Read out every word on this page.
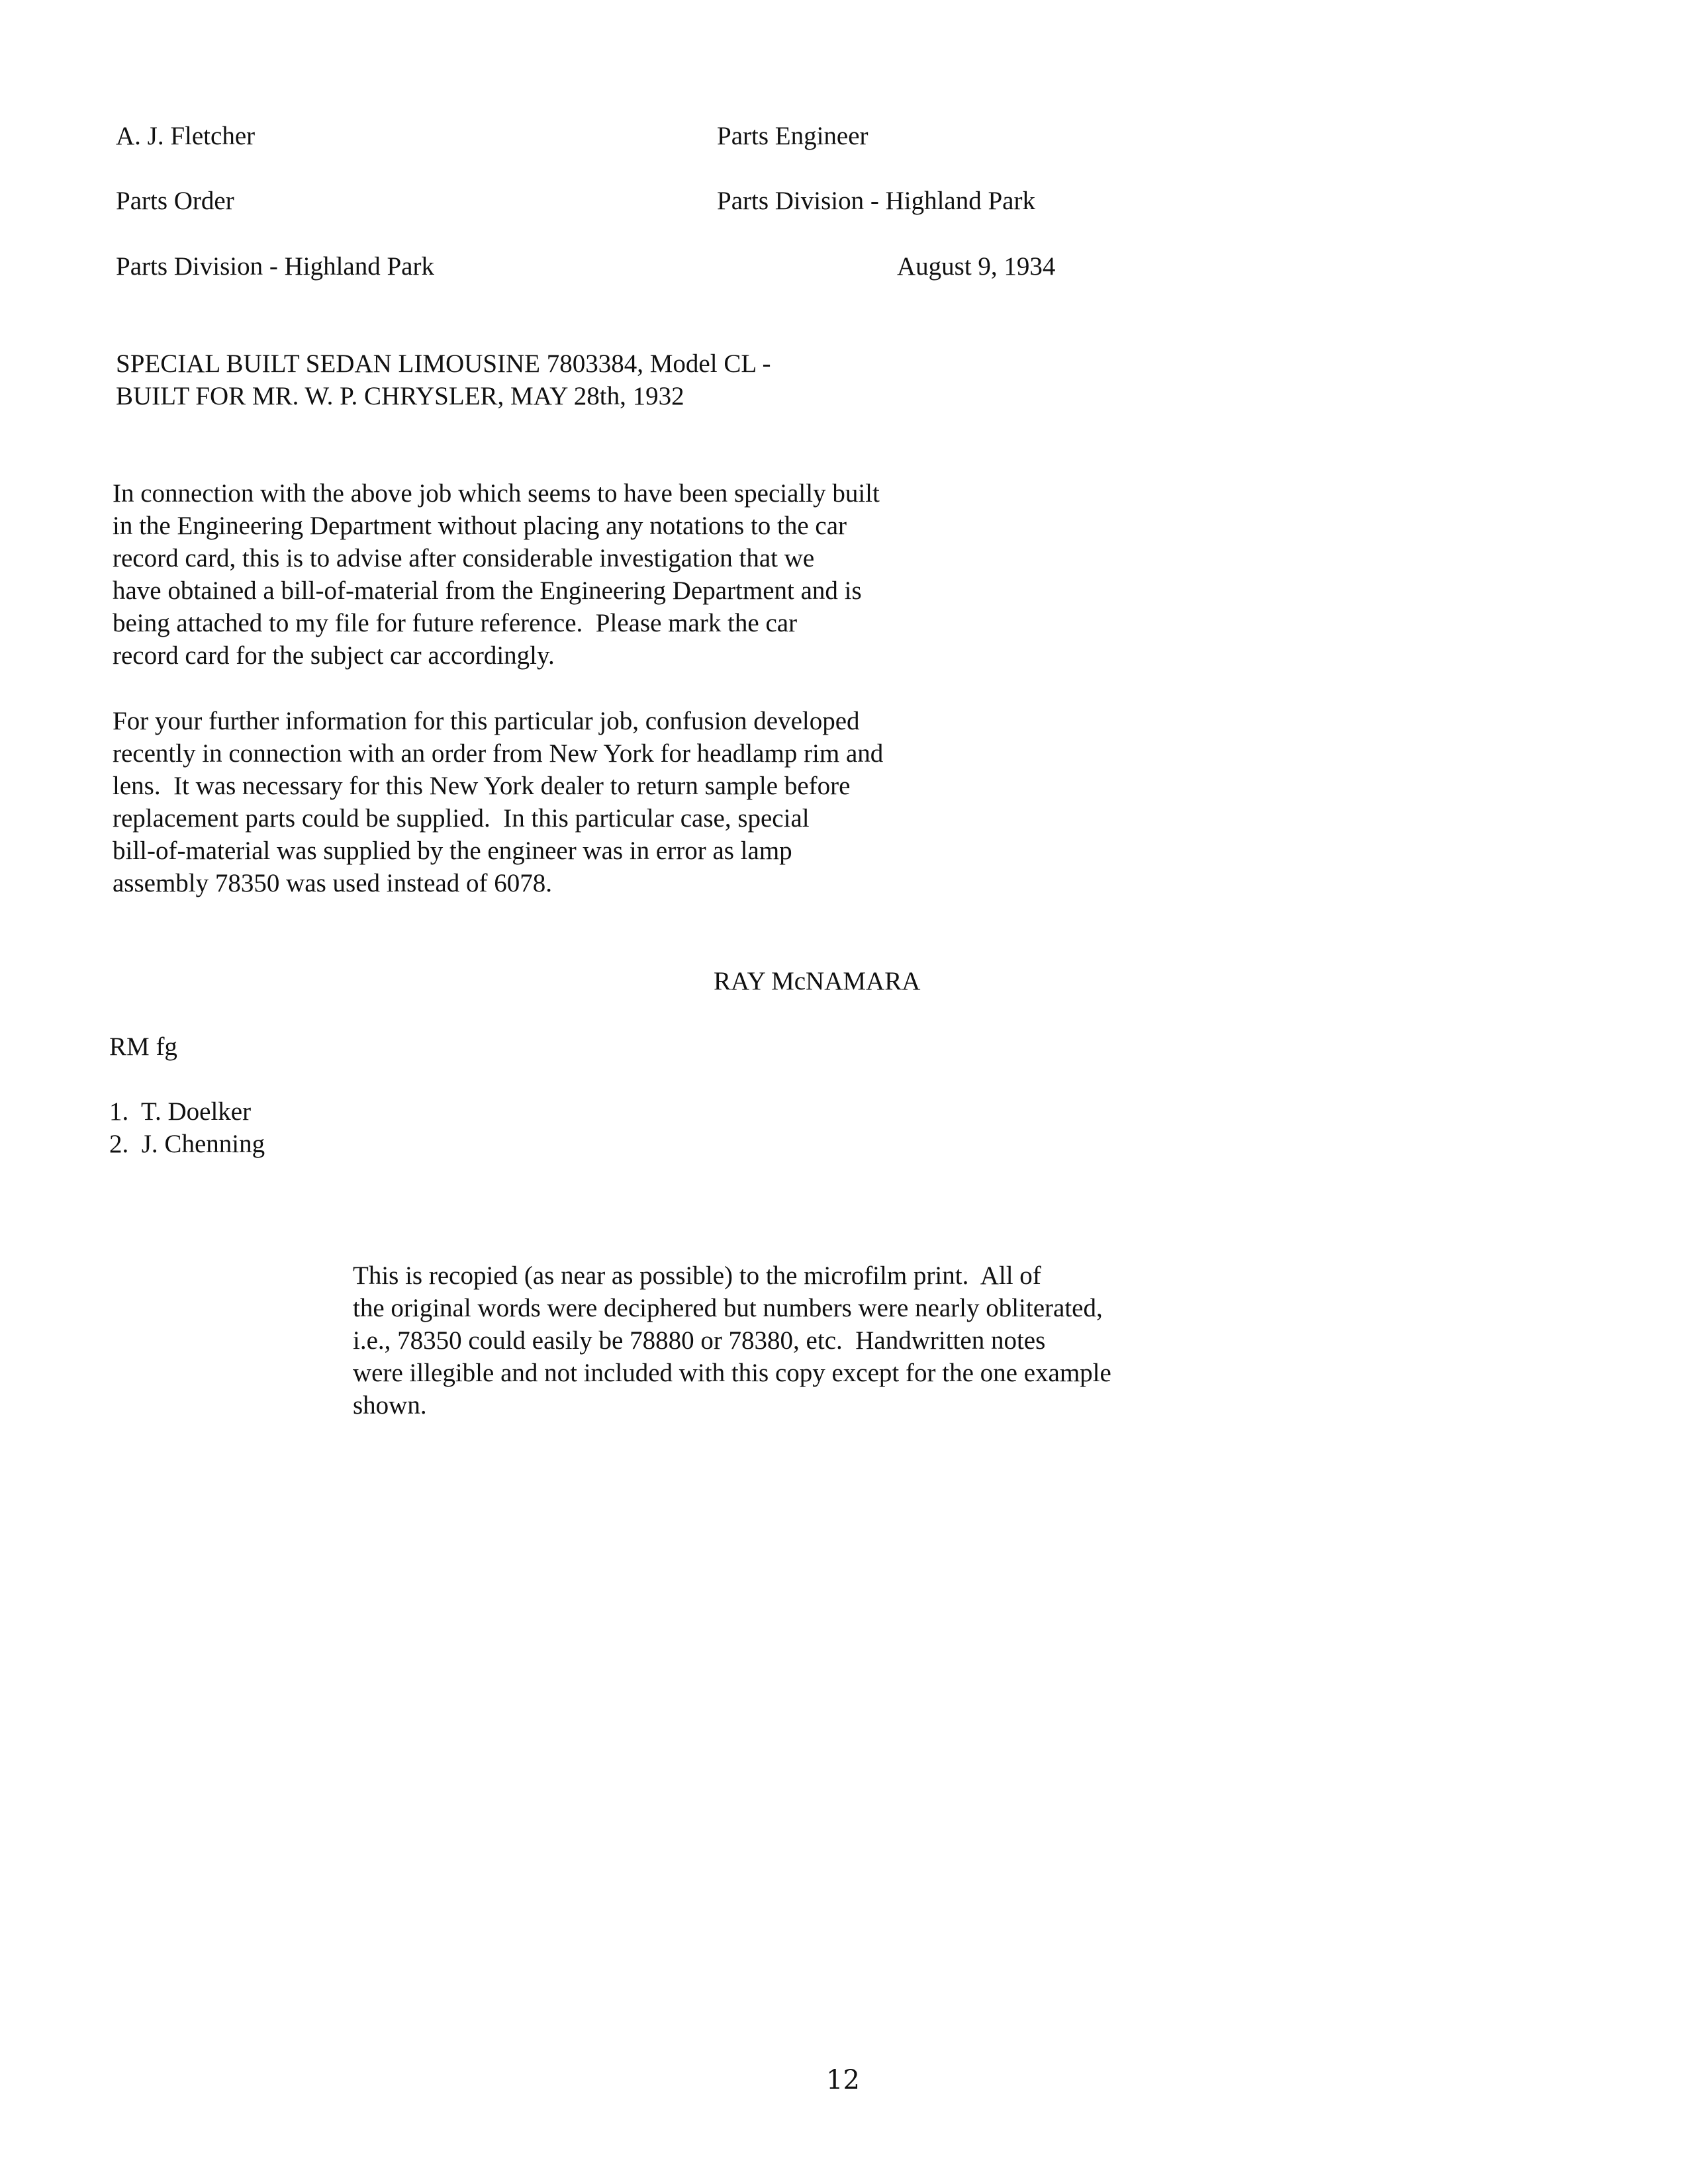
A. J. Fletcher	Parts Engineer
Parts Order	Parts Division - Highland Park
Parts Division - Highland Park	August 9, 1934
SPECIAL BUILT SEDAN LIMOUSINE 7803384, Model CL -
BUILT FOR MR. W. P. CHRYSLER, MAY 28th, 1932
In connection with the above job which seems to have been specially built
in the Engineering Department without placing any notations to the car
record card, this is to advise after considerable investigation that we
have obtained a bill-of-material from the Engineering Department and is
being attached to my file for future reference.  Please mark the car
record card for the subject car accordingly.
For your further information for this particular job, confusion developed
recently in connection with an order from New York for headlamp rim and
lens.  It was necessary for this New York dealer to return sample before
replacement parts could be supplied.  In this particular case, special
bill-of-material was supplied by the engineer was in error as lamp
assembly 78350 was used instead of 6078.
RAY McNAMARA
RM fg
1.  T. Doelker
2.  J. Chenning
This is recopied (as near as possible) to the microfilm print.  All of
the original words were deciphered but numbers were nearly obliterated,
i.e., 78350 could easily be 78880 or 78380, etc.  Handwritten notes
were illegible and not included with this copy except for the one example
shown.
12
